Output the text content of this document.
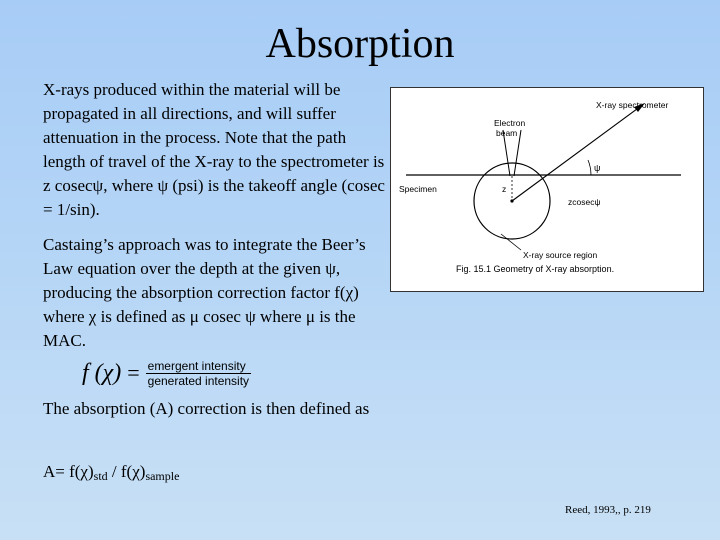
Absorption

X-rays produced within the material will be propagated in all directions, and will suffer attenuation in the process. Note that the path length of travel of the X-ray to the spectrometer is z cosecψ, where ψ (psi) is the takeoff angle (cosec = 1/sin).

Castaing’s approach was to integrate the Beer’s Law equation over the depth at the given ψ, producing the absorption correction factor f(χ) where χ is defined as μ cosec ψ where μ is the MAC.

f $(\chi) = \frac{\text{emergent intensity}}{\text{generated intensity}}$

The absorption (A) correction is then defined as

$A= f(\chi)_{std} / f(\chi)_{sample}$

X-ray spectrometer
Electron
beam
ψ
Specimen	z
zcosecψ
X-ray source region
Fig. 15.1 Geometry of X-ray absorption.
Reed, 1993,, p. 219
